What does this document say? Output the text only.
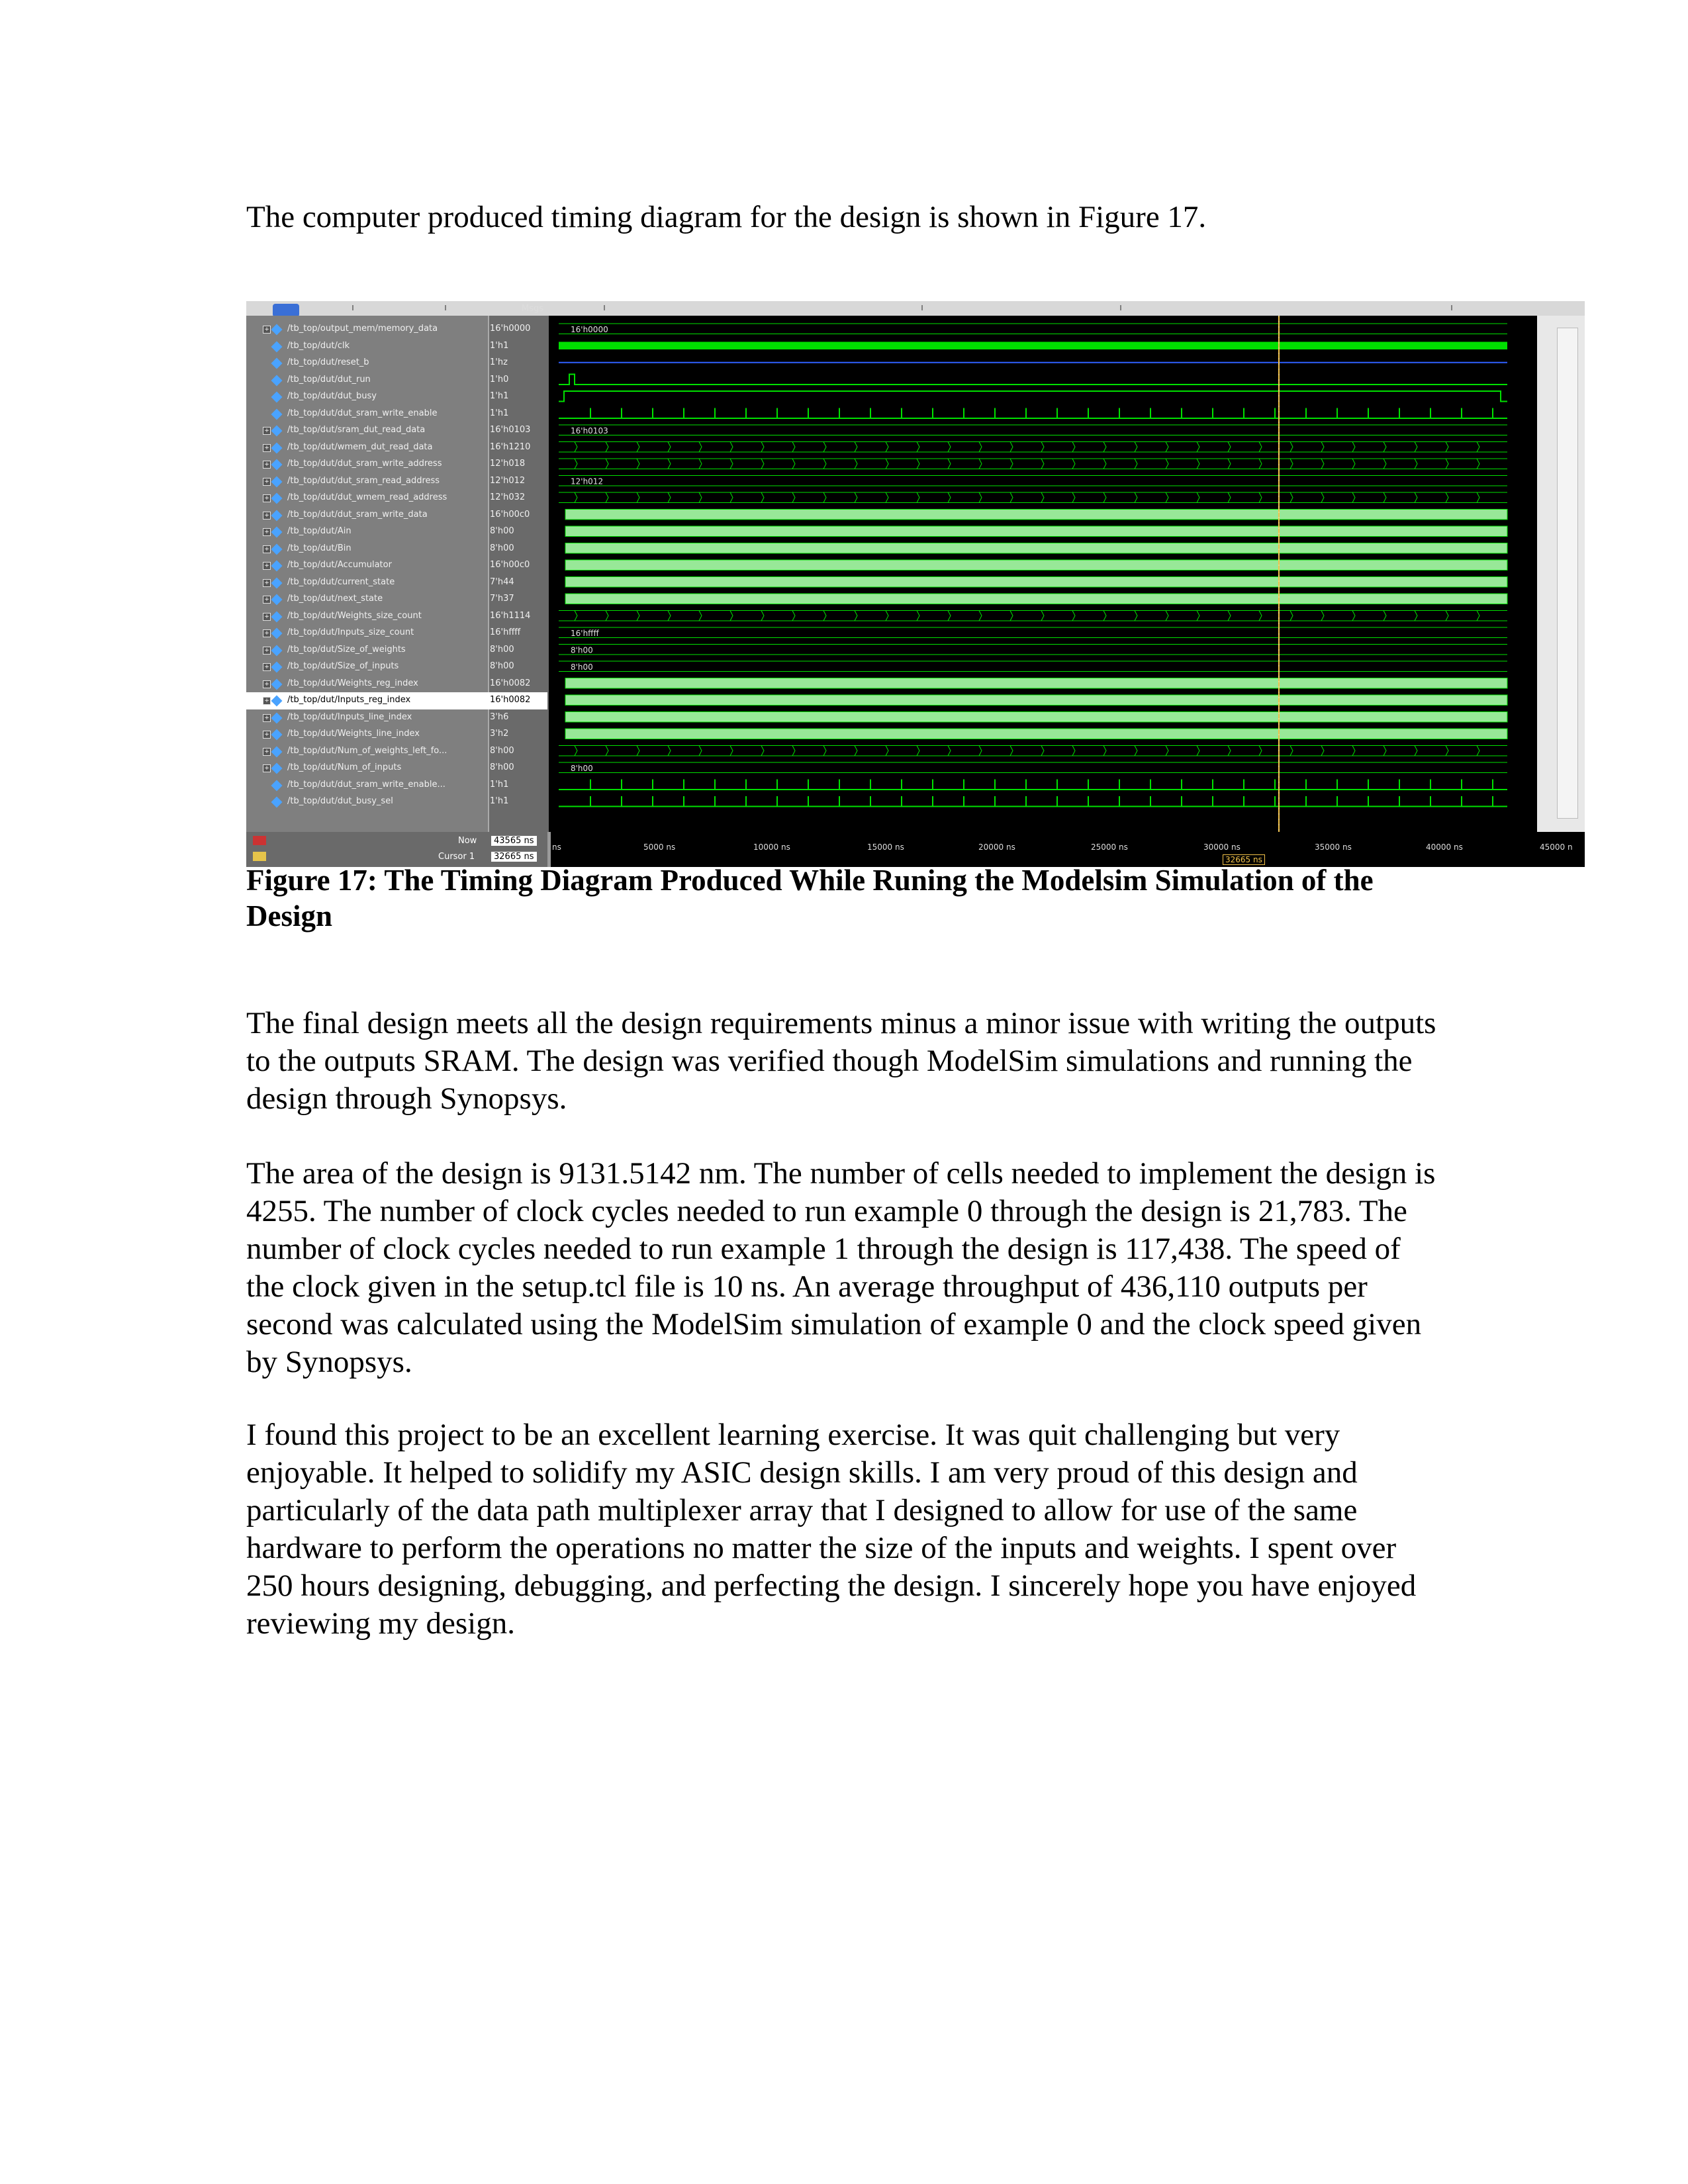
The computer produced timing diagram for the design is shown in Figure 17.

Msgs
+ /tb_top/output_mem/memory_data	16'h0000
/tb_top/dut/clk	1'h1
/tb_top/dut/reset_b	1'hz
/tb_top/dut/dut_run	1'h0
/tb_top/dut/dut_busy	1'h1
/tb_top/dut/dut_sram_write_enable	1'h1
+ /tb_top/dut/sram_dut_read_data	16'h0103
+ /tb_top/dut/wmem_dut_read_data	16'h1210
+ /tb_top/dut/dut_sram_write_address	12'h018
+ /tb_top/dut/dut_sram_read_address	12'h012
+ /tb_top/dut/dut_wmem_read_address	12'h032
+ /tb_top/dut/dut_sram_write_data	16'h00c0
+ /tb_top/dut/Ain	8'h00
+ /tb_top/dut/Bin	8'h00
+ /tb_top/dut/Accumulator	16'h00c0
+ /tb_top/dut/current_state	7'h44
+ /tb_top/dut/next_state	7'h37
+ /tb_top/dut/Weights_size_count	16'h1114
+ /tb_top/dut/Inputs_size_count	16'hffff
+ /tb_top/dut/Size_of_weights	8'h00
+ /tb_top/dut/Size_of_inputs	8'h00
+ /tb_top/dut/Weights_reg_index	16'h0082
+ /tb_top/dut/Inputs_reg_index	16'h0082
+ /tb_top/dut/Inputs_line_index	3'h6
+ /tb_top/dut/Weights_line_index	3'h2
+ /tb_top/dut/Num_of_weights_left_fo...	8'h00
+ /tb_top/dut/Num_of_inputs	8'h00
/tb_top/dut/dut_sram_write_enable...	1'h1
/tb_top/dut/dut_busy_sel	1'h1
16'h0000
16'h0103
12'h012
16'hffff
8'h00
8'h00
8'h00
Now	43565 ns
Cursor 1	32665 ns
ns	5000 ns	10000 ns	15000 ns	20000 ns	25000 ns	30000 ns	35000 ns	40000 ns	45000 n
32665 ns

Figure 17: The Timing Diagram Produced While Runing the Modelsim Simulation of the Design

The final design meets all the design requirements minus a minor issue with writing the outputs to the outputs SRAM. The design was verified though ModelSim simulations and running the design through Synopsys.

The area of the design is 9131.5142 nm. The number of cells needed to implement the design is 4255. The number of clock cycles needed to run example 0 through the design is 21,783. The number of clock cycles needed to run example 1 through the design is 117,438. The speed of the clock given in the setup.tcl file is 10 ns. An average throughput of 436,110 outputs per second was calculated using the ModelSim simulation of example 0 and the clock speed given by Synopsys.

I found this project to be an excellent learning exercise. It was quit challenging but very enjoyable. It helped to solidify my ASIC design skills. I am very proud of this design and particularly of the data path multiplexer array that I designed to allow for use of the same hardware to perform the operations no matter the size of the inputs and weights. I spent over 250 hours designing, debugging, and perfecting the design. I sincerely hope you have enjoyed reviewing my design.
